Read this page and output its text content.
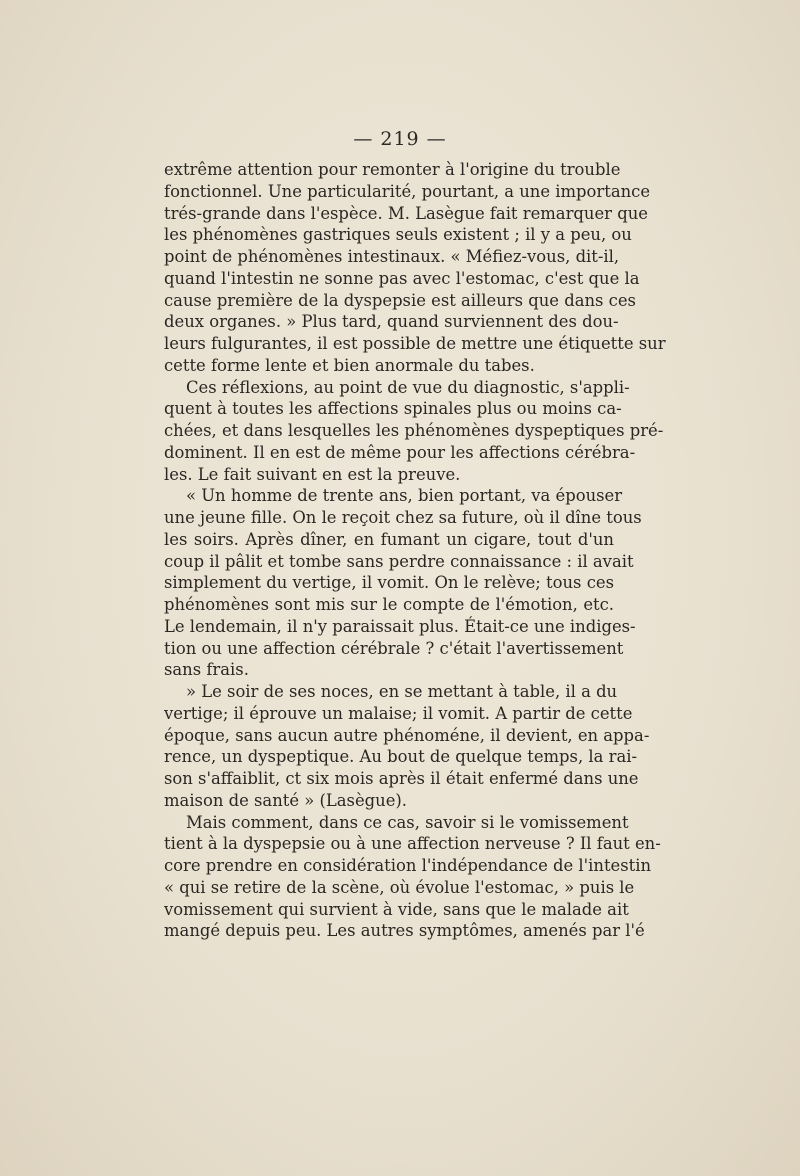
— 219 —
extrême attention pour remonter à l'origine du trouble
fonctionnel. Une particularité, pourtant, a une importance
trés-grande dans l'espèce. M. Lasègue fait remarquer que
les phénomènes gastriques seuls existent ; il y a peu, ou
point de phénomènes intestinaux. « Méfiez-vous, dit-il,
quand l'intestin ne sonne pas avec l'estomac, c'est que la
cause première de la dyspepsie est ailleurs que dans ces
deux organes. » Plus tard, quand surviennent des dou-
leurs fulgurantes, il est possible de mettre une étiquette sur
cette forme lente et bien anormale du tabes.
Ces réflexions, au point de vue du diagnostic, s'appli-
quent à toutes les affections spinales plus ou moins ca-
chées, et dans lesquelles les phénomènes dyspeptiques pré-
dominent. Il en est de même pour les affections cérébra-
les. Le fait suivant en est la preuve.
« Un homme de trente ans, bien portant, va épouser
une jeune fille. On le reçoit chez sa future, où il dîne tous
les soirs. Après dîner, en fumant un cigare, tout d'un
coup il pâlit et tombe sans perdre connaissance : il avait
simplement du vertige, il vomit. On le relève; tous ces
phénomènes sont mis sur le compte de l'émotion, etc.
Le lendemain, il n'y paraissait plus. Était-ce une indiges-
tion ou une affection cérébrale ? c'était l'avertissement
sans frais.
» Le soir de ses noces, en se mettant à table, il a du
vertige; il éprouve un malaise; il vomit. A partir de cette
époque, sans aucun autre phénoméne, il devient, en appa-
rence, un dyspeptique. Au bout de quelque temps, la rai-
son s'affaiblit, ct six mois après il était enfermé dans une
maison de santé » (Lasègue).
Mais comment, dans ce cas, savoir si le vomissement
tient à la dyspepsie ou à une affection nerveuse ? Il faut en-
core prendre en considération l'indépendance de l'intestin
« qui se retire de la scène, où évolue l'estomac, » puis le
vomissement qui survient à vide, sans que le malade ait
mangé depuis peu. Les autres symptômes, amenés par l'é
